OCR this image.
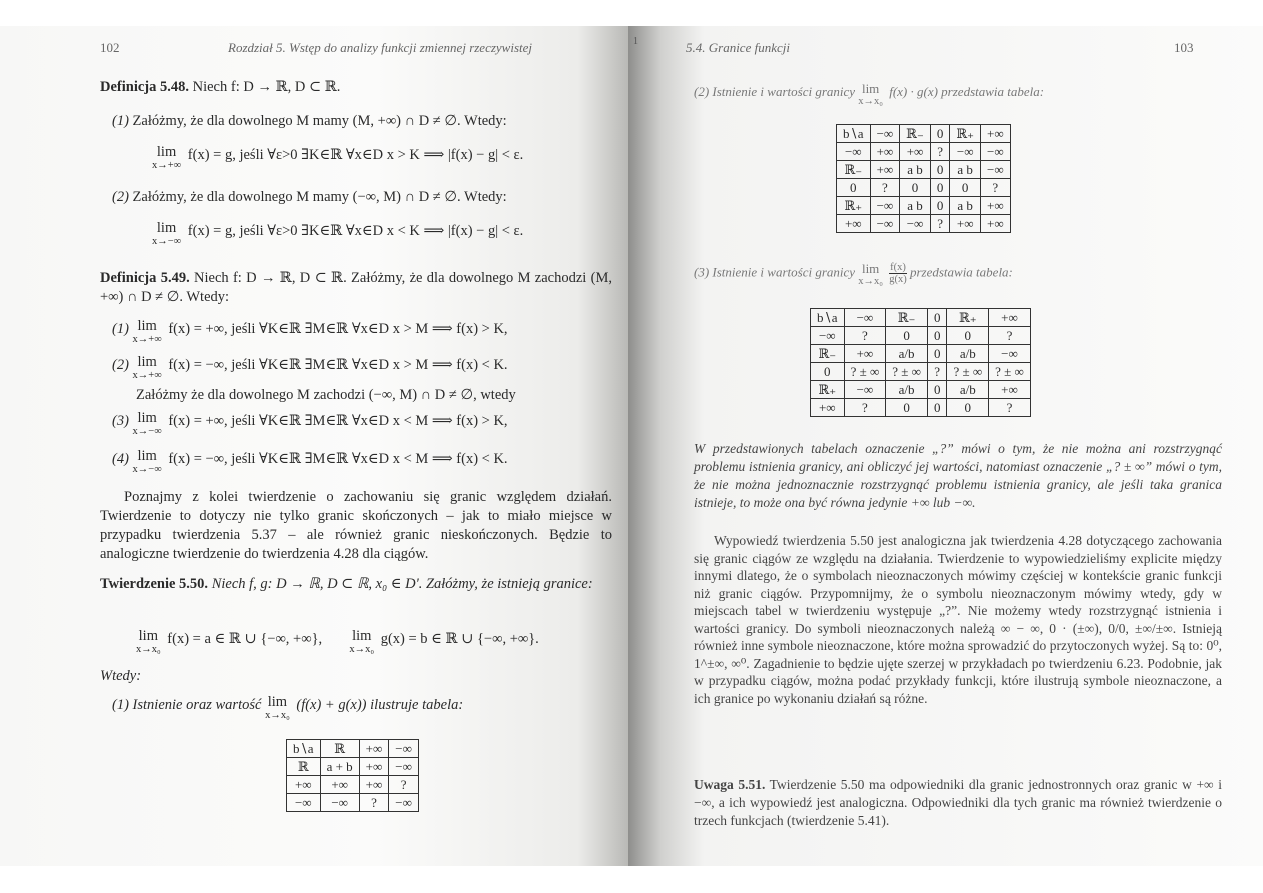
102	Rozdział 5. Wstęp do analizy funkcji zmiennej rzeczywistej
Definicja 5.48. Niech f: D → ℝ, D ⊂ ℝ.
(1) Załóżmy, że dla dowolnego M mamy (M, +∞) ∩ D ≠ ∅. Wtedy:
lim
x→+∞
f(x) = g, jeśli ∀ε>0 ∃K∈ℝ ∀x∈D x > K ⟹ |f(x) − g| < ε.
(2) Załóżmy, że dla dowolnego M mamy (−∞, M) ∩ D ≠ ∅. Wtedy:
lim
x→−∞
f(x) = g, jeśli ∀ε>0 ∃K∈ℝ ∀x∈D x < K ⟹ |f(x) − g| < ε.
Definicja 5.49. Niech f: D → ℝ, D ⊂ ℝ. Załóżmy, że dla dowolnego M zachodzi (M, +∞) ∩ D ≠ ∅. Wtedy:
(1) lim
x→+∞
f(x) = +∞, jeśli ∀K∈ℝ ∃M∈ℝ ∀x∈D x > M ⟹ f(x) > K,
(2) lim
x→+∞
f(x) = −∞, jeśli ∀K∈ℝ ∃M∈ℝ ∀x∈D x > M ⟹ f(x) < K.
Załóżmy że dla dowolnego M zachodzi (−∞, M) ∩ D ≠ ∅, wtedy
(3) lim
x→−∞
f(x) = +∞, jeśli ∀K∈ℝ ∃M∈ℝ ∀x∈D x < M ⟹ f(x) > K,
(4) lim
x→−∞
f(x) = −∞, jeśli ∀K∈ℝ ∃M∈ℝ ∀x∈D x < M ⟹ f(x) < K.
Poznajmy z kolei twierdzenie o zachowaniu się granic względem działań. Twierdzenie to dotyczy nie tylko granic skończonych – jak to miało miejsce w przypadku twierdzenia 5.37 – ale również granic nieskończonych. Będzie to analogiczne twierdzenie do twierdzenia 4.28 dla ciągów.
Twierdzenie 5.50. Niech f, g: D → ℝ, D ⊂ ℝ, x₀ ∈ Dʹ. Załóżmy, że istnieją granice:
lim
x→x₀
f(x) = a ∈ ℝ ∪ {−∞, +∞}, lim
x→x₀
g(x) = b ∈ ℝ ∪ {−∞, +∞}.
Wtedy:
(1) Istnienie oraz wartość lim
x→x₀
(f(x) + g(x)) ilustruje tabela:
b∖a	ℝ	+∞	−∞
ℝ	a + b	+∞	−∞
+∞	+∞	+∞	?
−∞	−∞	?	−∞
1	5.4. Granice funkcji	103
(2) Istnienie i wartości granicy lim
x→x₀
f(x) · g(x) przedstawia tabela:
b∖a	−∞	ℝ₋	0	ℝ₊	+∞
−∞	+∞	+∞	?	−∞	−∞
ℝ₋	+∞	a b	0	a b	−∞
0	?	0	0	0	?
ℝ₊	−∞	a b	0	a b	+∞
+∞	−∞	−∞	?	+∞	+∞
(3) Istnienie i wartości granicy lim
x→x₀
$\frac{f(x)}{g(x)}$ przedstawia tabela:
b∖a	−∞	ℝ₋	0	ℝ₊	+∞
−∞	?	0	0	0	?
ℝ₋	+∞	a/b	0	a/b	−∞
0	? ± ∞	? ± ∞	?	? ± ∞	? ± ∞
ℝ₊	−∞	a/b	0	a/b	+∞
+∞	?	0	0	0	?
W przedstawionych tabelach oznaczenie „?” mówi o tym, że nie można ani rozstrzygnąć problemu istnienia granicy, ani obliczyć jej wartości, natomiast oznaczenie „? ± ∞” mówi o tym, że nie można jednoznacznie rozstrzygnąć problemu istnienia granicy, ale jeśli taka granica istnieje, to może ona być równa jedynie +∞ lub −∞.
Wypowiedź twierdzenia 5.50 jest analogiczna jak twierdzenia 4.28 dotyczącego zachowania się granic ciągów ze względu na działania. Twierdzenie to wypowiedzieliśmy explicite między innymi dlatego, że o symbolach nieoznaczonych mówimy częściej w kontekście granic funkcji niż granic ciągów. Przypomnijmy, że o symbolu nieoznaczonym mówimy wtedy, gdy w miejscach tabel w twierdzeniu występuje „?”. Nie możemy wtedy rozstrzygnąć istnienia i wartości granicy. Do symboli nieoznaczonych należą ∞ − ∞, 0 · (±∞), 0/0, ±∞/±∞. Istnieją również inne symbole nieoznaczone, które można sprowadzić do przytoczonych wyżej. Są to: 0⁰, 1^±∞, ∞⁰. Zagadnienie to będzie ujęte szerzej w przykładach po twierdzeniu 6.23. Podobnie, jak w przypadku ciągów, można podać przykłady funkcji, które ilustrują symbole nieoznaczone, a ich granice po wykonaniu działań są różne.
Uwaga 5.51. Twierdzenie 5.50 ma odpowiedniki dla granic jednostronnych oraz granic w +∞ i −∞, a ich wypowiedź jest analogiczna. Odpowiedniki dla tych granic ma również twierdzenie o trzech funkcjach (twierdzenie 5.41).
